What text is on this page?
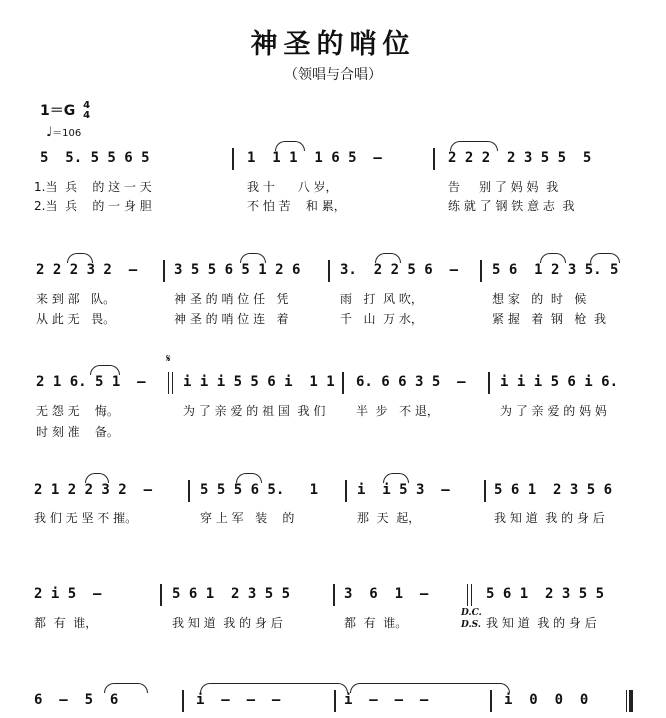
神圣的哨位
（领唱与合唱）
1＝G 4
4
♩＝106
5  5. 5 5 6 5	1  1 1  1 6 5  –	2 2 2  2 3 5 5  5
1.当  兵    的 这 一 天	我 十      八 岁，	告     别 了 妈 妈  我
2.当  兵    的 一 身 胆	不 怕 苦    和 累，	练 就 了 钢 铁 意 志  我
2 2 2 3 2  –	3 5 5 6 5 1 2 6	3.  2 2 5 6  – 5 6  1 2 3 5. 5
来 到 部   队。	神 圣 的 哨 位 任   凭	雨   打  风 吹，	想 家   的  时   候
从 此 无   畏。	神 圣 的 哨 位 连   着	千   山  万 水，	紧 握   着  钢   枪  我
𝄋
2 1 6. 5 1  –	i i i 5 5 6 i  1 1 6. 6 6 3 5  – i i i 5 6 i 6.
无 怨 无    悔。	为 了 亲 爱 的 祖 国  我 们	半  步   不 退，	为 了 亲 爱 的 妈 妈
时 刻 准    备。
2 1 2 2 3 2  –	5 5 5 6 5.   1	i  i 5 3  –	5 6 1  2 3 5 6
我 们 无 坚 不 摧。	穿 上 军   装    的	那  天  起，	我 知 道  我 的 身 后
2 i 5  –	5 6 1  2 3 5 5	3  6  1  –	5 6 1  2 3 5 5
D.C.
D.S.
都  有  谁，	我 知 道  我 的 身 后	都  有  谁。	我 知 道  我 的 身 后
6  –  5  6	i  –  –  –	i  –  –  –	i  0  0  0
